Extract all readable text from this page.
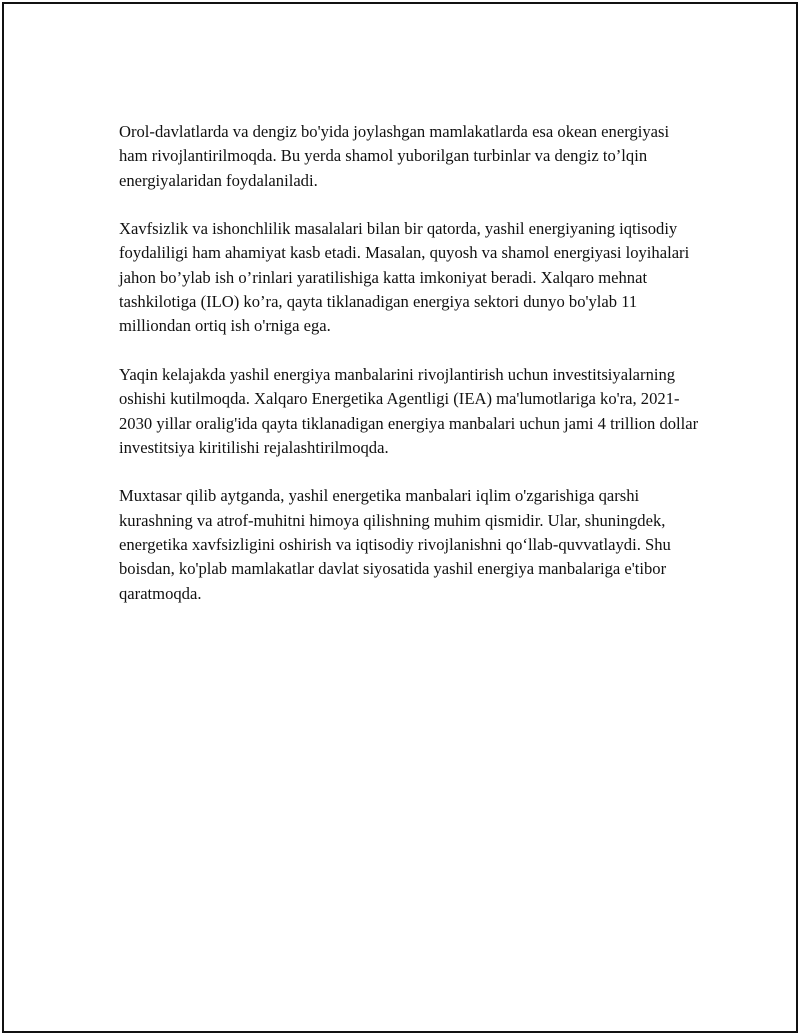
Orol-davlatlarda va dengiz bo'yida joylashgan mamlakatlarda esa okean energiyasi ham rivojlantirilmoqda. Bu yerda shamol yuborilgan turbinlar va dengiz to’lqin energiyalaridan foydalaniladi.

Xavfsizlik va ishonchlilik masalalari bilan bir qatorda, yashil energiyaning iqtisodiy foydaliligi ham ahamiyat kasb etadi. Masalan, quyosh va shamol energiyasi loyihalari jahon bo’ylab ish o’rinlari yaratilishiga katta imkoniyat beradi. Xalqaro mehnat tashkilotiga (ILO) ko’ra, qayta tiklanadigan energiya sektori dunyo bo'ylab 11 milliondan ortiq ish o'rniga ega.

Yaqin kelajakda yashil energiya manbalarini rivojlantirish uchun investitsiyalarning oshishi kutilmoqda. Xalqaro Energetika Agentligi (IEA) ma'lumotlariga ko'ra, 2021-2030 yillar oralig'ida qayta tiklanadigan energiya manbalari uchun jami 4 trillion dollar investitsiya kiritilishi rejalashtirilmoqda.

Muxtasar qilib aytganda, yashil energetika manbalari iqlim o'zgarishiga qarshi kurashning va atrof-muhitni himoya qilishning muhim qismidir. Ular, shuningdek, energetika xavfsizligini oshirish va iqtisodiy rivojlanishni qo‘llab-quvvatlaydi. Shu boisdan, ko'plab mamlakatlar davlat siyosatida yashil energiya manbalariga e'tibor qaratmoqda.
